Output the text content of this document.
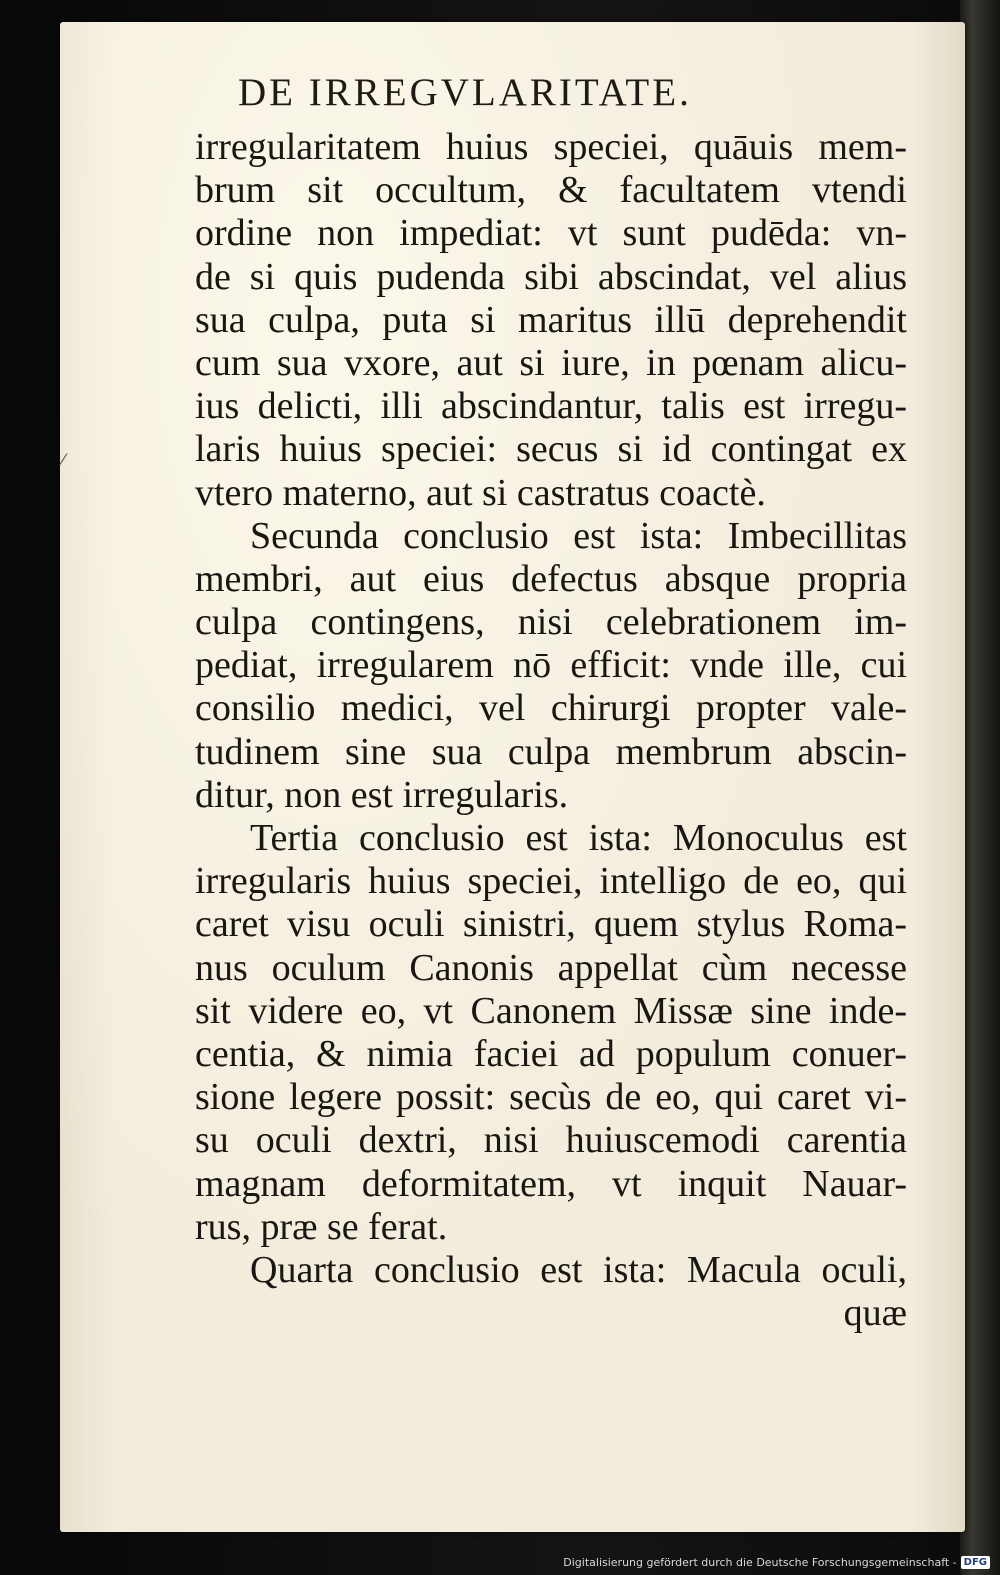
DE IRREGVLARITATE.
⁄
irregularitatem huius speciei, quāuis mem-
brum sit occultum, & facultatem vtendi
ordine non impediat: vt sunt pudēda: vn-
de si quis pudenda sibi abscindat, vel alius
sua culpa, puta si maritus illū deprehendit
cum sua vxore, aut si iure, in pœnam alicu-
ius delicti, illi abscindantur, talis est irregu-
laris huius speciei: secus si id contingat ex
vtero materno, aut si castratus coactè.
Secunda conclusio est ista: Imbecillitas
membri, aut eius defectus absque propria
culpa contingens, nisi celebrationem im-
pediat, irregularem nō efficit: vnde ille, cui
consilio medici, vel chirurgi propter vale-
tudinem sine sua culpa membrum abscin-
ditur, non est irregularis.
Tertia conclusio est ista: Monoculus est
irregularis huius speciei, intelligo de eo, qui
caret visu oculi sinistri, quem stylus Roma-
nus oculum Canonis appellat cùm necesse
sit videre eo, vt Canonem Missæ sine inde-
centia, & nimia faciei ad populum conuer-
sione legere possit: secùs de eo, qui caret vi-
su oculi dextri, nisi huiuscemodi carentia
magnam deformitatem, vt inquit Nauar-
rus, præ se ferat.
Quarta conclusio est ista: Macula oculi,
quæ
Digitalisierung gefördert durch die Deutsche Forschungsgemeinschaft - DFG
